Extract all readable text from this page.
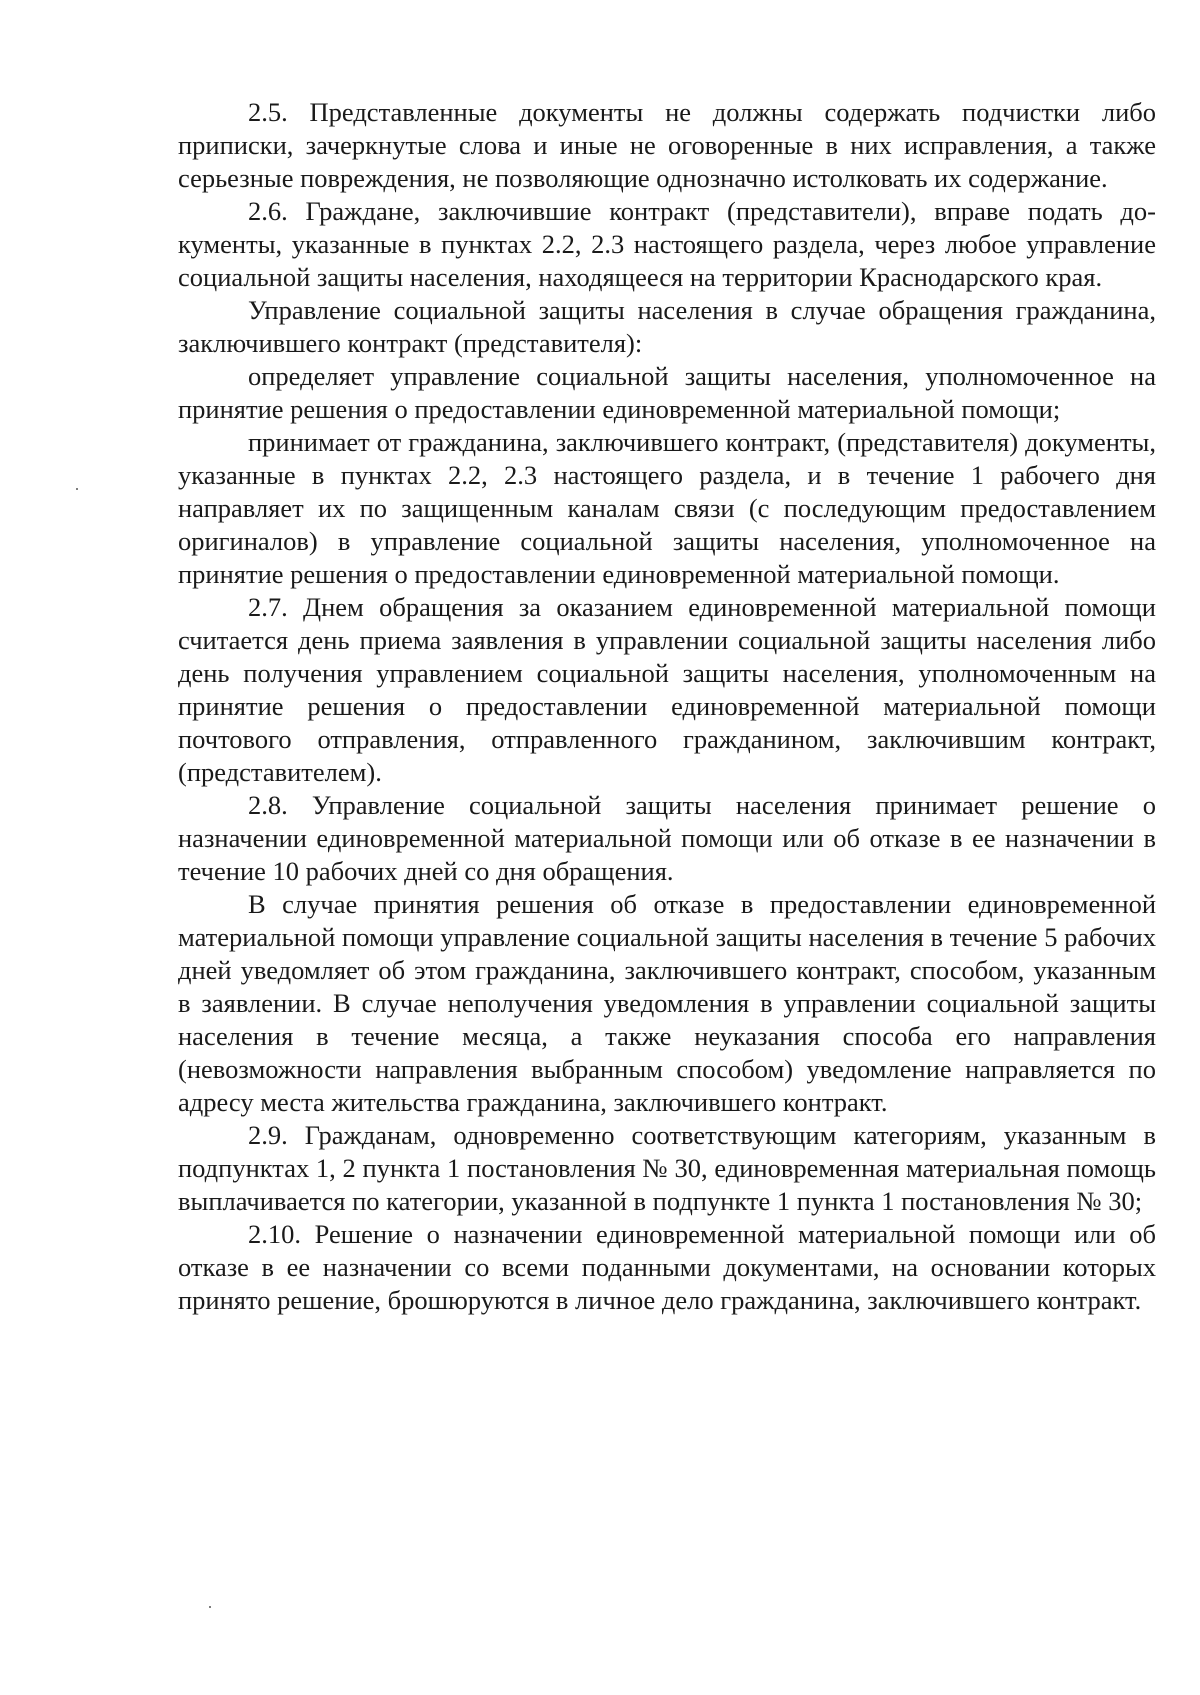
2.5. Представленные документы не должны содержать подчистки либо приписки, зачеркнутые слова и иные не оговоренные в них исправления, а также серьезные повреждения, не позволяющие однозначно истолковать их содержание.

2.6. Граждане, заключившие контракт (представители), вправе подать документы, указанные в пунктах 2.2, 2.3 настоящего раздела, через любое управление социальной защиты населения, находящееся на территории Краснодарского края.

Управление социальной защиты населения в случае обращения гражданина, заключившего контракт (представителя):

определяет управление социальной защиты населения, уполномоченное на принятие решения о предоставлении единовременной материальной помощи;

принимает от гражданина, заключившего контракт, (представителя) документы, указанные в пунктах 2.2, 2.3 настоящего раздела, и в течение 1 рабочего дня направляет их по защищенным каналам связи (с последующим предоставлением оригиналов) в управление социальной защиты населения, уполномоченное на принятие решения о предоставлении единовременной материальной помощи.

2.7. Днем обращения за оказанием единовременной материальной помощи считается день приема заявления в управлении социальной защиты населения либо день получения управлением социальной защиты населения, уполномоченным на принятие решения о предоставлении единовременной материальной помощи почтового отправления, отправленного гражданином, заключившим контракт, (представителем).

2.8. Управление социальной защиты населения принимает решение о назначении единовременной материальной помощи или об отказе в ее назначении в течение 10 рабочих дней со дня обращения.

В случае принятия решения об отказе в предоставлении единовременной материальной помощи управление социальной защиты населения в течение 5 рабочих дней уведомляет об этом гражданина, заключившего контракт, способом, указанным в заявлении. В случае неполучения уведомления в управлении социальной защиты населения в течение месяца, а также неуказания способа его направления (невозможности направления выбранным способом) уведомление направляется по адресу места жительства гражданина, заключившего контракт.

2.9. Гражданам, одновременно соответствующим категориям, указанным в подпунктах 1, 2 пункта 1 постановления № 30, единовременная материальная помощь выплачивается по категории, указанной в подпункте 1 пункта 1 постановления № 30;

2.10. Решение о назначении единовременной материальной помощи или об отказе в ее назначении со всеми поданными документами, на основании которых принято решение, брошюруются в личное дело гражданина, заключившего контракт.
